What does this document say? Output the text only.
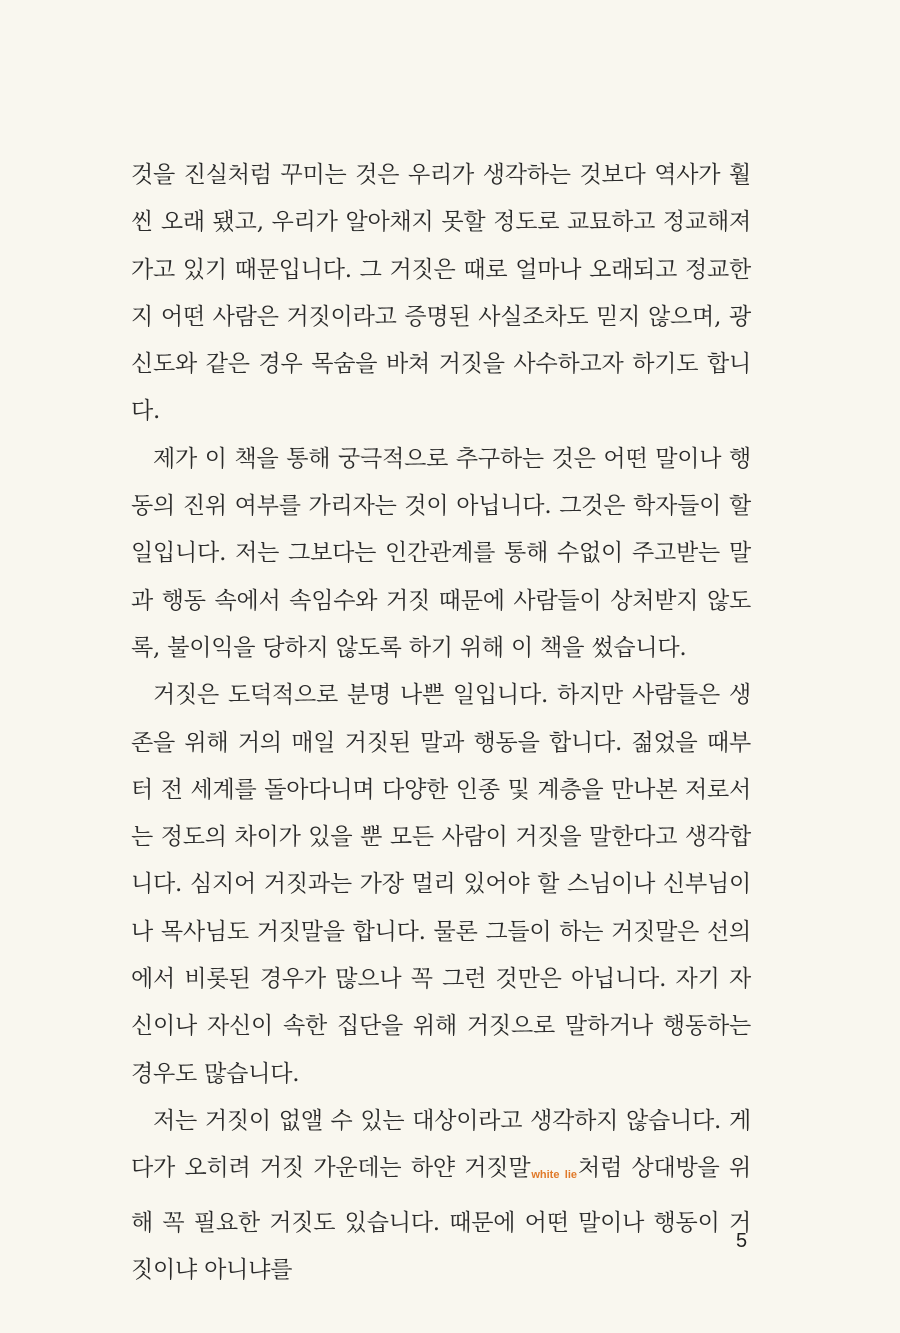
것을 진실처럼 꾸미는 것은 우리가 생각하는 것보다 역사가 훨씬 오래 됐고, 우리가 알아채지 못할 정도로 교묘하고 정교해져 가고 있기 때문입니다. 그 거짓은 때로 얼마나 오래되고 정교한지 어떤 사람은 거짓이라고 증명된 사실조차도 믿지 않으며, 광신도와 같은 경우 목숨을 바쳐 거짓을 사수하고자 하기도 합니다.

제가 이 책을 통해 궁극적으로 추구하는 것은 어떤 말이나 행동의 진위 여부를 가리자는 것이 아닙니다. 그것은 학자들이 할 일입니다. 저는 그보다는 인간관계를 통해 수없이 주고받는 말과 행동 속에서 속임수와 거짓 때문에 사람들이 상처받지 않도록, 불이익을 당하지 않도록 하기 위해 이 책을 썼습니다.

거짓은 도덕적으로 분명 나쁜 일입니다. 하지만 사람들은 생존을 위해 거의 매일 거짓된 말과 행동을 합니다. 젊었을 때부터 전 세계를 돌아다니며 다양한 인종 및 계층을 만나본 저로서는 정도의 차이가 있을 뿐 모든 사람이 거짓을 말한다고 생각합니다. 심지어 거짓과는 가장 멀리 있어야 할 스님이나 신부님이나 목사님도 거짓말을 합니다. 물론 그들이 하는 거짓말은 선의에서 비롯된 경우가 많으나 꼭 그런 것만은 아닙니다. 자기 자신이나 자신이 속한 집단을 위해 거짓으로 말하거나 행동하는 경우도 많습니다.

저는 거짓이 없앨 수 있는 대상이라고 생각하지 않습니다. 게다가 오히려 거짓 가운데는 하얀 거짓말white lie처럼 상대방을 위해 꼭 필요한 거짓도 있습니다. 때문에 어떤 말이나 행동이 거짓이냐 아니냐를

5
